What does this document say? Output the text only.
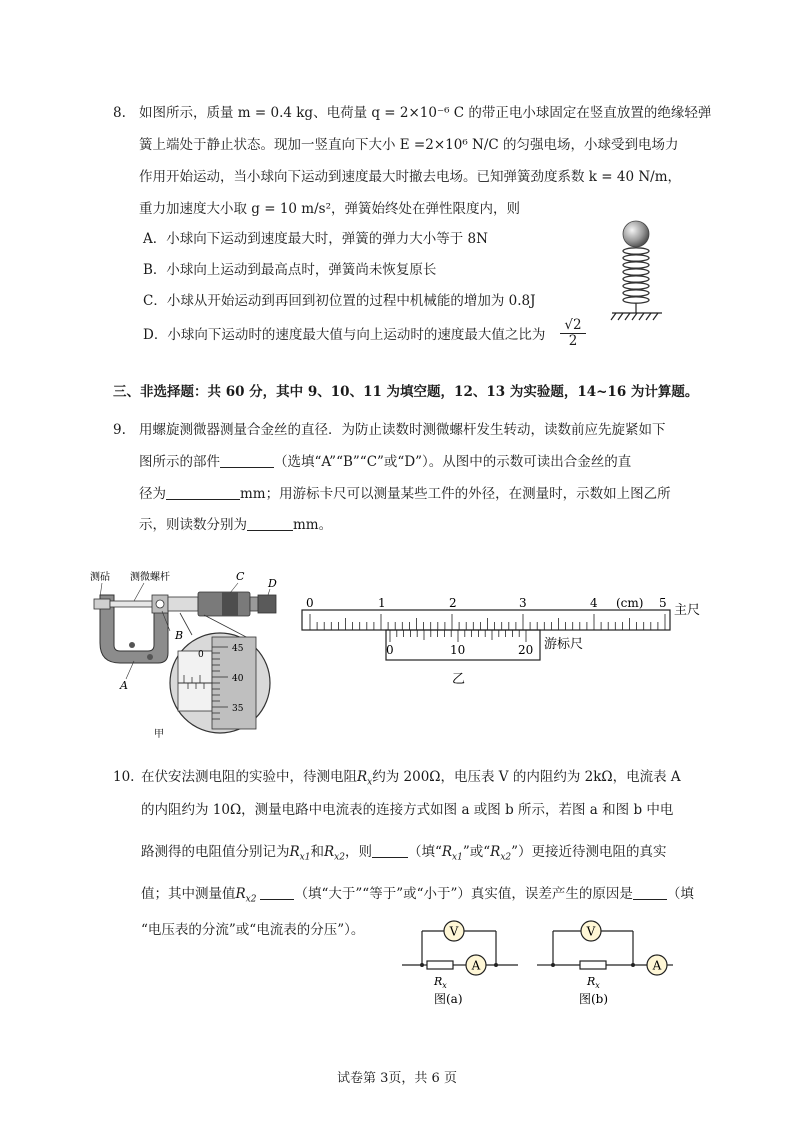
8. 如图所示，质量 m = 0.4 kg、电荷量 q = 2×10⁻⁶ C 的带正电小球固定在竖直放置的绝缘轻弹
簧上端处于静止状态。现加一竖直向下大小 E =2×10⁶ N/C 的匀强电场，小球受到电场力
作用开始运动，当小球向下运动到速度最大时撤去电场。已知弹簧劲度系数 k = 40 N/m，
重力加速度大小取 g = 10 m/s²，弹簧始终处在弹性限度内，则
A．小球向下运动到速度最大时，弹簧的弹力大小等于 8N
B．小球向上运动到最高点时，弹簧尚未恢复原长
C．小球从开始运动到再回到初位置的过程中机械能的增加为 0.8J
D．小球向下运动时的速度最大值与向上运动时的速度最大值之比为 $\frac{√2}{2}$
三、非选择题：共 60 分，其中 9、10、11 为填空题，12、13 为实验题，14~16 为计算题。
9. 用螺旋测微器测量合金丝的直径．为防止读数时测微螺杆发生转动，读数前应先旋紧如下
图所示的部件	（选填“A”“B”“C”或“D”）。从图中的示数可读出合金丝的直
径为	mm；用游标卡尺可以测量某些工件的外径，在测量时，示数如上图乙所
示，则读数分别为	mm。
0
45
40
35
测砧 测微螺杆	C
D
B
A
甲
0	1	2	3	4 (cm) 5 主尺
0	10	20 游标尺
乙
10. 在伏安法测电阻的实验中，待测电阻$R_x$约为 200Ω，电压表 V 的内阻约为 2kΩ，电流表 A
的内阻约为 10Ω，测量电路中电流表的连接方式如图 a 或图 b 所示，若图 a 和图 b 中电
路测得的电阻值分别记为$R_{x1}$和$R_{x2}$，则	（填“$R_{x1}$”或“$R_{x2}$”）更接近待测电阻的真实
值；其中测量值$R_{x2}$	（填“大于”“等于”或“小于”）真实值，误差产生的原因是	（填
“电压表的分流”或“电流表的分压”）。	V
A
$R_x$
图(a)
V
A
$R_x$
图(b)
试卷第 3页，共 6 页
